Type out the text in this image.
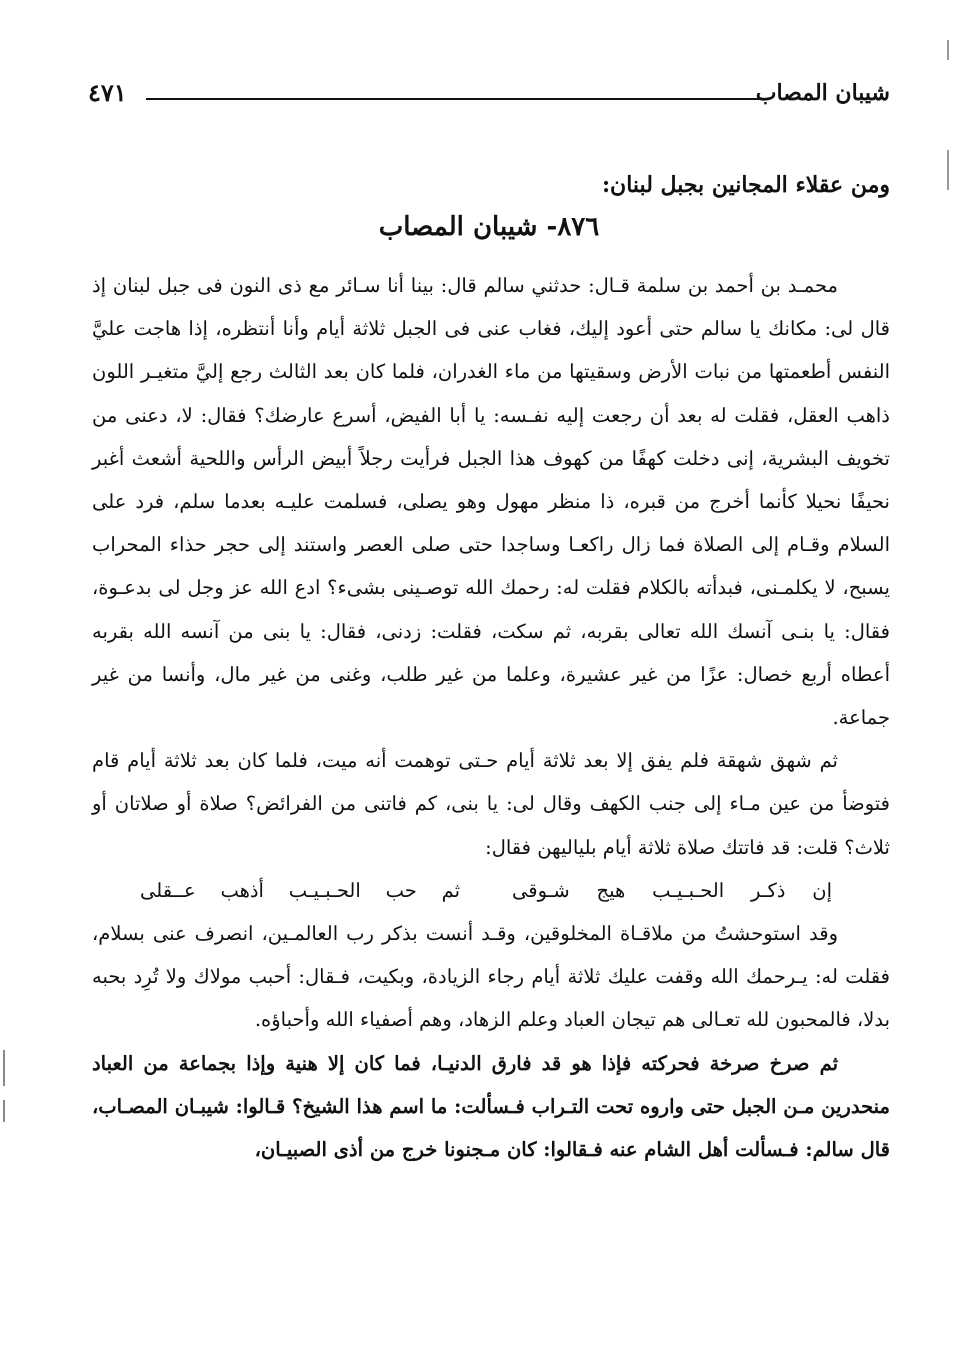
شيبان المصاب
٤٧١
ومن عقلاء المجانين بجبل لبنان:
٨٧٦- شيبان المصاب

محمـد بن أحمد بن سلمة قـال: حدثني سالم قال: بينا أنا سـائر مع ذى النون فى جبل لبنان إذ قال لى: مكانك يا سالم حتى أعود إليك، فغاب عنى فى الجبل ثلاثة أيام وأنا أنتظره، إذا هاجت عليَّ النفس أطعمتها من نبات الأرض وسقيتها من ماء الغدران، فلما كان بعد الثالث رجع إليَّ متغيـر اللون ذاهب العقل، فقلت له بعد أن رجعت إليه نفـسه: يا أبا الفيض، أسرع عارضك؟ فقال: لا، دعنى من تخويف البشرية، إنى دخلت كهفًا من كهوف هذا الجبل فرأيت رجلاً أبيض الرأس واللحية أشعث أغبر نحيفًا نحيلا كأنما أخرج من قبره، ذا منظر مهول وهو يصلى، فسلمت عليـه بعدما سلم، فرد على السلام وقـام إلى الصلاة فما زال راكعـا وساجدا حتى صلى العصر واستند إلى حجر حذاء المحراب يسبح، لا يكلمـنى، فبدأته بالكلام فقلت له: رحمك الله توصـينى بشىء؟ ادع الله عز وجل لى بدعـوة، فقال: يا بنـى آنسك الله تعالى بقربه، ثم سكت، فقلت: زدنى، فقال: يا بنى من آنسه الله بقربه أعطاه أربع خصال: عزًا من غير عشيرة، وعلما من غير طلب، وغنى من غير مال، وأنسا من غير جماعة.

ثم شهق شهقة فلم يفق إلا بعد ثلاثة أيام حـتى توهمت أنه ميت، فلما كان بعد ثلاثة أيام قام فتوضأ من عين مـاء إلى جنب الكهف وقال لى: يا بنى، كم فاتنى من الفرائض؟ صلاة أو صلاتان أو ثلاث؟ قلت: قد فاتتك صلاة ثلاثة أيام بلياليهن فقال:

إن ذكـر الحـبـيـب هيج شـوقى
ثم حب الحـبـيـب أذهب عــقلى

وقد استوحشتُ من ملاقـاة المخلوقين، وقـد أنست بذكر رب العالمـين، انصرف عنى بسلام، فقلت له: يـرحمك الله وقفت عليك ثلاثة أيام رجاء الزيادة، وبكيت، فـقال: أحبب مولاك ولا تُرِد بحبه بدلا، فالمحبون لله تعـالى هم تيجان العباد وعلم الزهاد، وهم أصفياء الله وأحباؤه.

ثم صرخ صرخة فحركته فإذا هو قد فارق الدنيـا، فما كان إلا هنية وإذا بجماعة من العباد منحدرين مـن الجبل حتى واروه تحت التـراب فـسألت: ما اسم هذا الشيخ؟ قـالوا: شيبـان المصـاب، قال سالم: فـسألت أهل الشام عنه فـقالوا: كان مـجنونا خرج من أذى الصبيـان،
